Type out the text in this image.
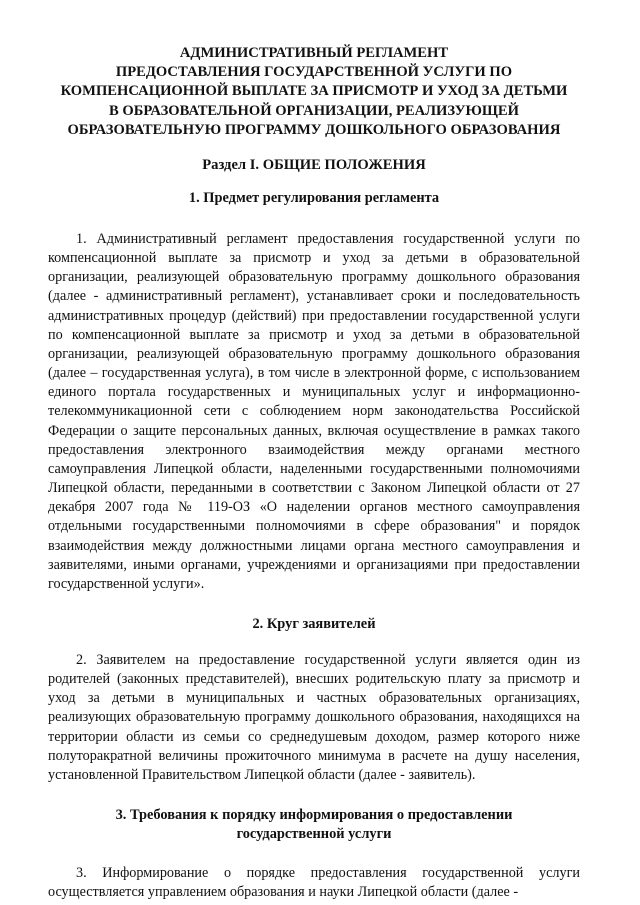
АДМИНИСТРАТИВНЫЙ РЕГЛАМЕНТ
ПРЕДОСТАВЛЕНИЯ ГОСУДАРСТВЕННОЙ УСЛУГИ ПО
КОМПЕНСАЦИОННОЙ ВЫПЛАТЕ ЗА ПРИСМОТР И УХОД ЗА ДЕТЬМИ
В ОБРАЗОВАТЕЛЬНОЙ ОРГАНИЗАЦИИ, РЕАЛИЗУЮЩЕЙ
ОБРАЗОВАТЕЛЬНУЮ ПРОГРАММУ ДОШКОЛЬНОГО ОБРАЗОВАНИЯ
Раздел I. ОБЩИЕ ПОЛОЖЕНИЯ
1. Предмет регулирования регламента

1. Административный регламент предоставления государственной услуги по компенсационной выплате за присмотр и уход за детьми в образовательной организации, реализующей образовательную программу дошкольного образования (далее - административный регламент), устанавливает сроки и последовательность административных процедур (действий) при предоставлении государственной услуги по компенсационной выплате за присмотр и уход за детьми в образовательной организации, реализующей образовательную программу дошкольного образования (далее – государственная услуга), в том числе в электронной форме, с использованием единого портала государственных и муниципальных услуг и информационно-телекоммуникационной сети с соблюдением норм законодательства Российской Федерации о защите персональных данных, включая осуществление в рамках такого предоставления электронного взаимодействия между органами местного самоуправления Липецкой области, наделенными государственными полномочиями Липецкой области, переданными в соответствии с Законом Липецкой области от 27 декабря 2007 года № 119-ОЗ «О наделении органов местного самоуправления отдельными государственными полномочиями в сфере образования" и порядок взаимодействия между должностными лицами органа местного самоуправления и заявителями, иными органами, учреждениями и организациями при предоставлении государственной услуги».

2. Круг заявителей

2. Заявителем на предоставление государственной услуги является один из родителей (законных представителей), внесших родительскую плату за присмотр и уход за детьми в муниципальных и частных образовательных организациях, реализующих образовательную программу дошкольного образования, находящихся на территории области из семьи со среднедушевым доходом, размер которого ниже полуторакратной величины прожиточного минимума в расчете на душу населения, установленной Правительством Липецкой области (далее - заявитель).

3. Требования к порядку информирования о предоставлении
государственной услуги

3. Информирование о порядке предоставления государственной услуги осуществляется управлением образования и науки Липецкой области (далее -
